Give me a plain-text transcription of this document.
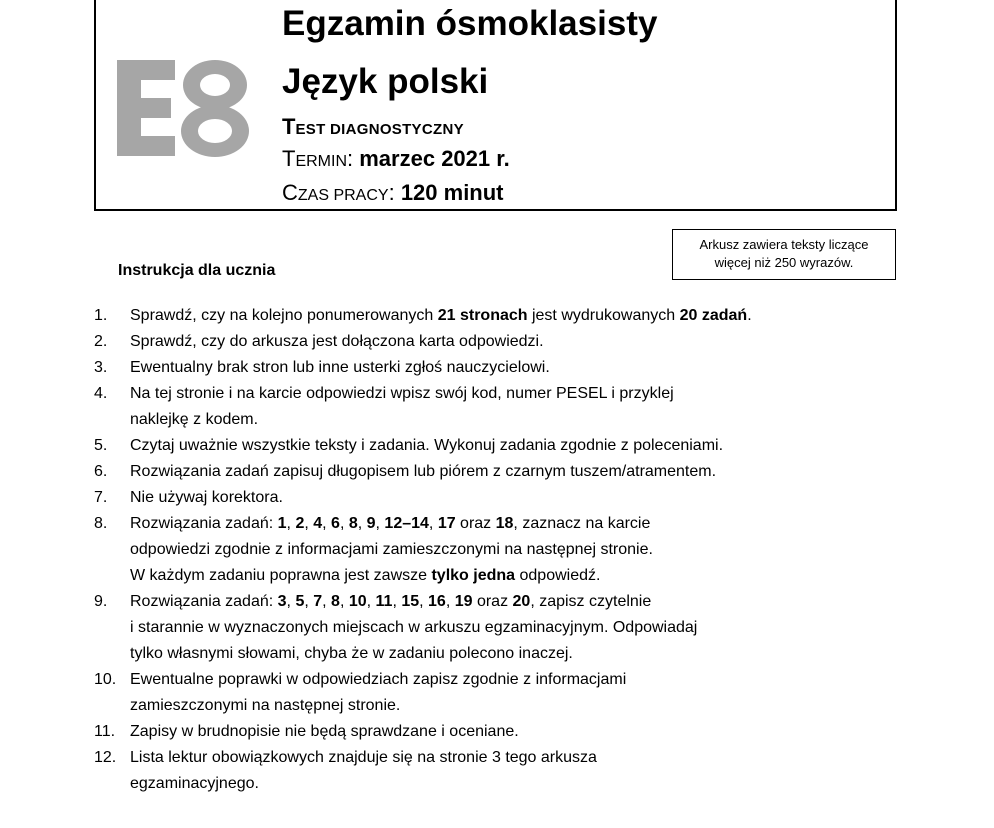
Egzamin ósmoklasisty
Język polski
TEST DIAGNOSTYCZNY
TERMIN: marzec 2021 r.
CZAS PRACY: 120 minut
Arkusz zawiera teksty liczące
więcej niż 250 wyrazów.
Instrukcja dla ucznia
1. Sprawdź, czy na kolejno ponumerowanych 21 stronach jest wydrukowanych 20 zadań.
2. Sprawdź, czy do arkusza jest dołączona karta odpowiedzi.
3. Ewentualny brak stron lub inne usterki zgłoś nauczycielowi.
4. Na tej stronie i na karcie odpowiedzi wpisz swój kod, numer PESEL i przyklej
naklejkę z kodem.
5. Czytaj uważnie wszystkie teksty i zadania. Wykonuj zadania zgodnie z poleceniami.
6. Rozwiązania zadań zapisuj długopisem lub piórem z czarnym tuszem/atramentem.
7. Nie używaj korektora.
8. Rozwiązania zadań: 1, 2, 4, 6, 8, 9, 12–14, 17 oraz 18, zaznacz na karcie
odpowiedzi zgodnie z informacjami zamieszczonymi na następnej stronie.
W każdym zadaniu poprawna jest zawsze tylko jedna odpowiedź.
9. Rozwiązania zadań: 3, 5, 7, 8, 10, 11, 15, 16, 19 oraz 20, zapisz czytelnie
i starannie w wyznaczonych miejscach w arkuszu egzaminacyjnym. Odpowiadaj
tylko własnymi słowami, chyba że w zadaniu polecono inaczej.
10. Ewentualne poprawki w odpowiedziach zapisz zgodnie z informacjami
zamieszczonymi na następnej stronie.
11. Zapisy w brudnopisie nie będą sprawdzane i oceniane.
12. Lista lektur obowiązkowych znajduje się na stronie 3 tego arkusza
egzaminacyjnego.
